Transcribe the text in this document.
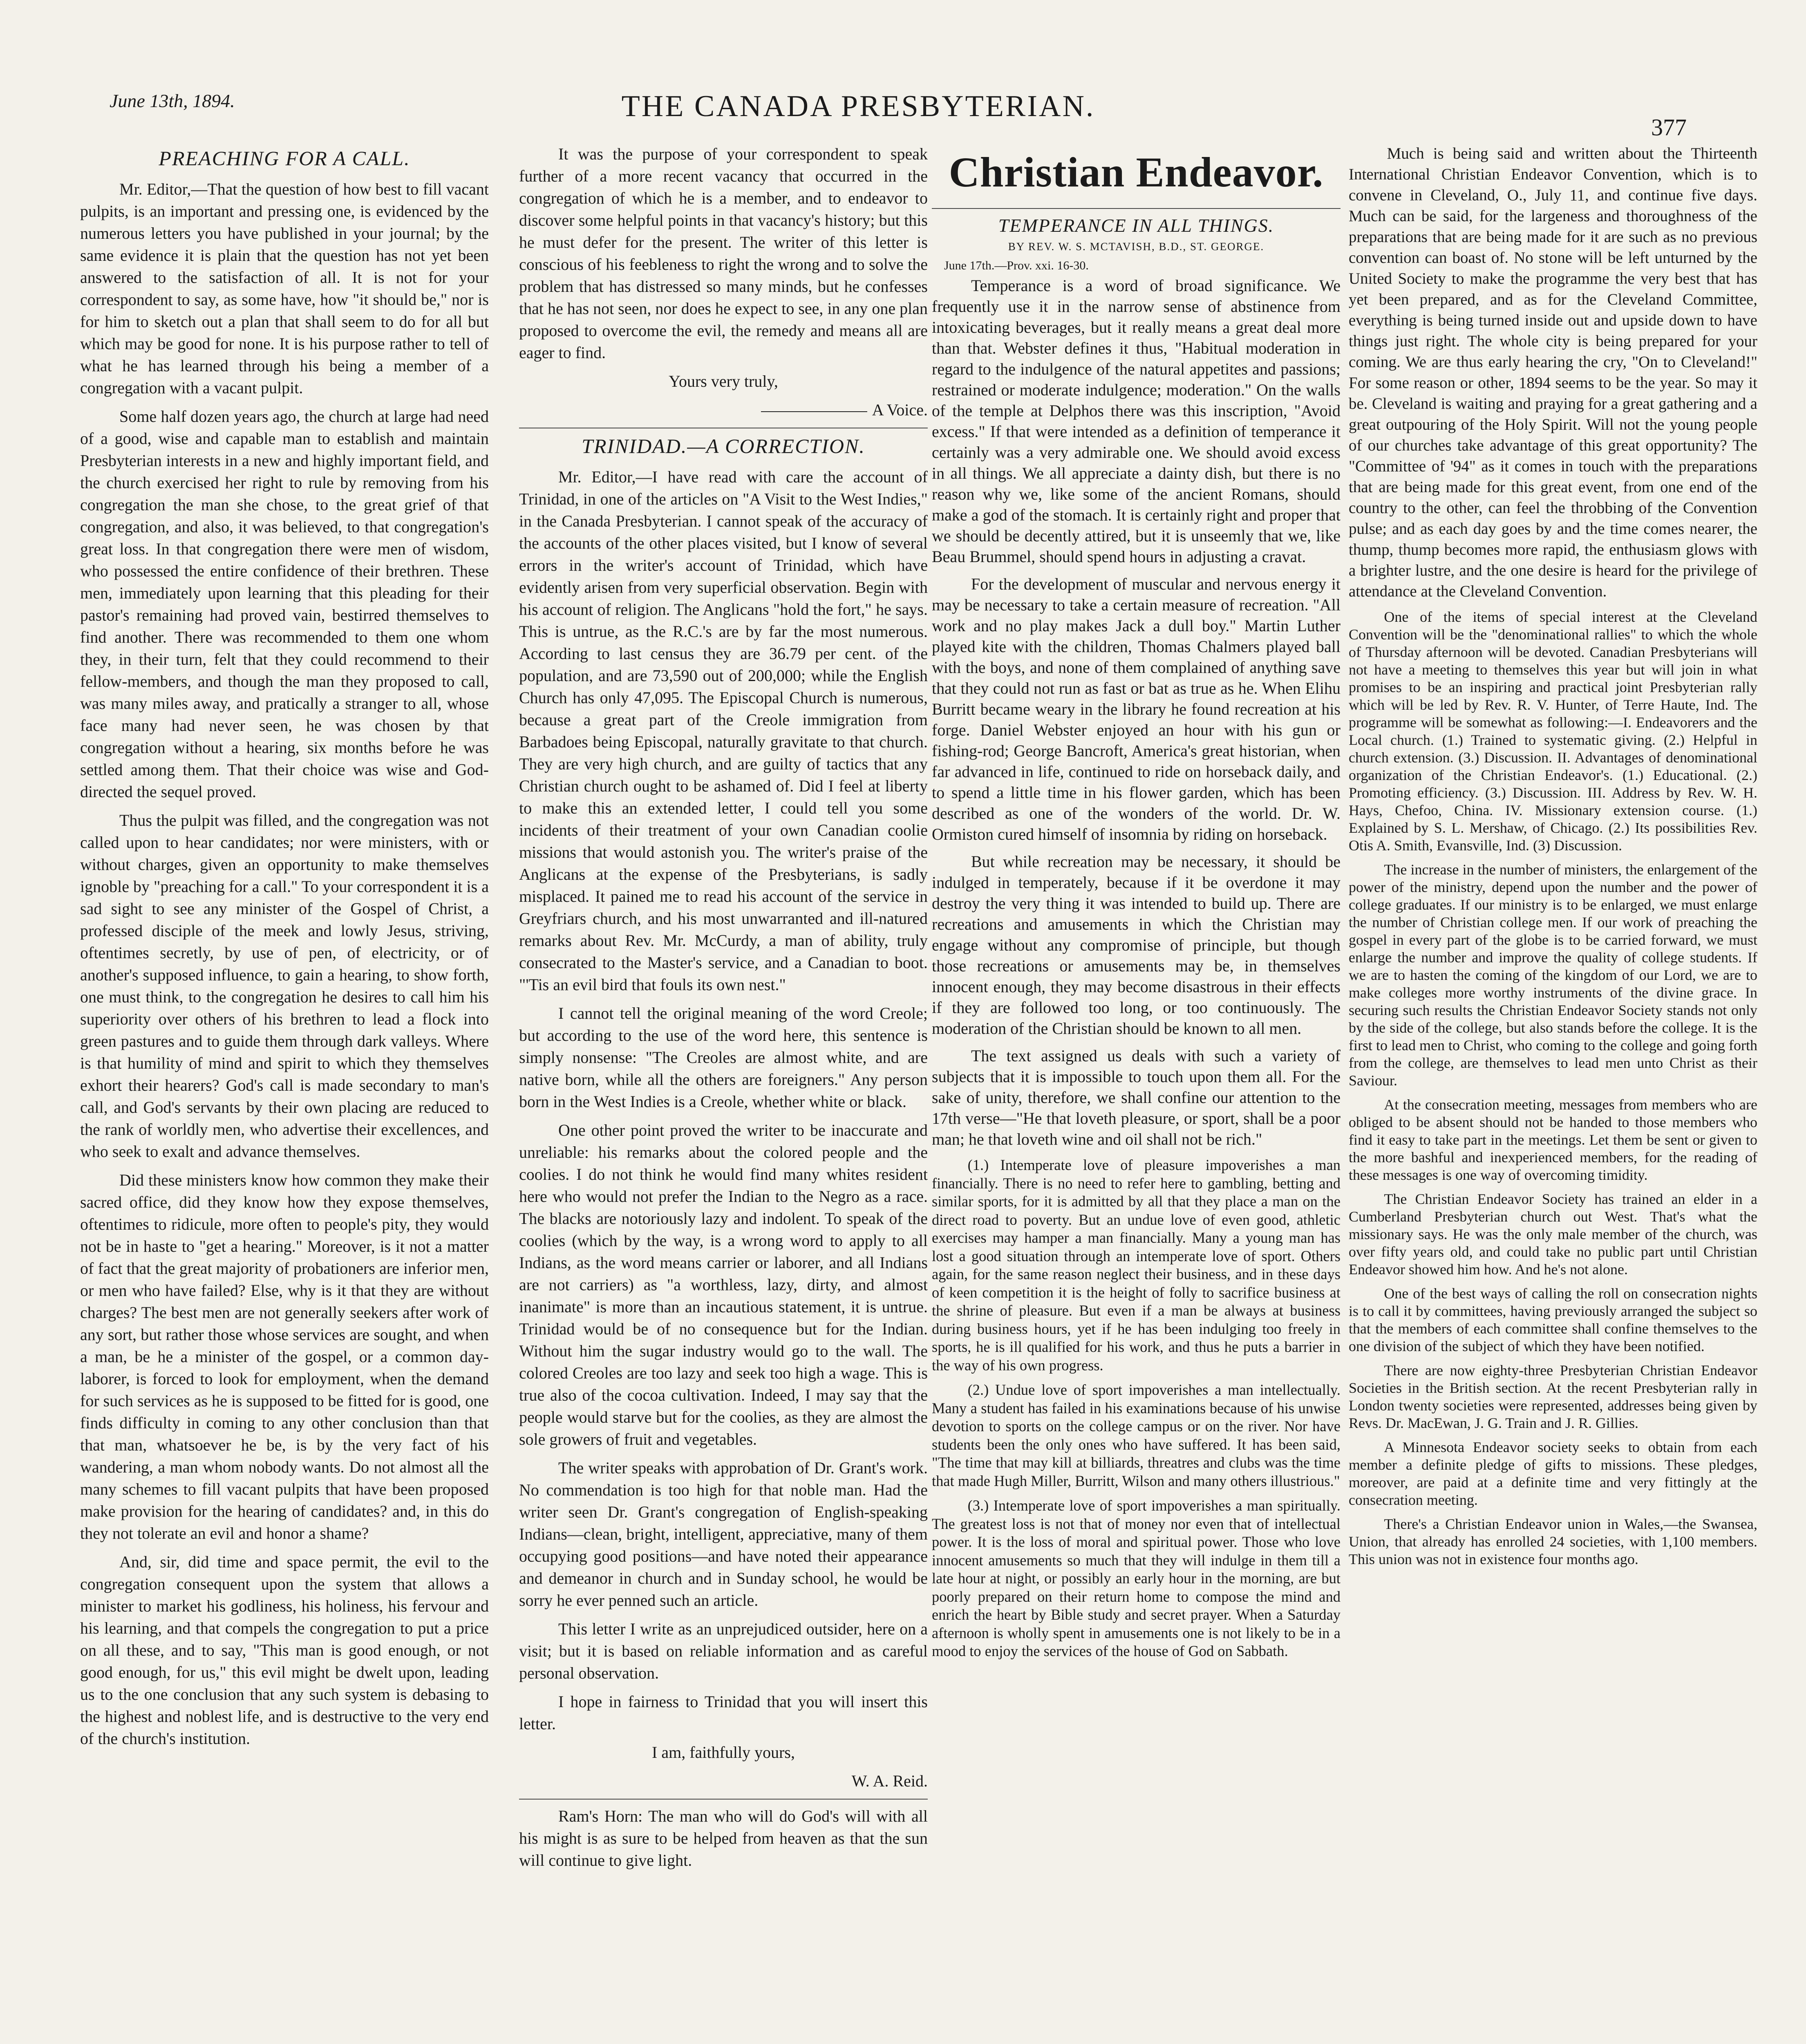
June 13th, 1894.	THE CANADA PRESBYTERIAN.
377
PREACHING FOR A CALL.

Mr. Editor,—That the question of how best to fill vacant pulpits, is an important and pressing one, is evidenced by the numerous letters you have published in your journal; by the same evidence it is plain that the question has not yet been answered to the satisfaction of all. It is not for your correspondent to say, as some have, how "it should be," nor is for him to sketch out a plan that shall seem to do for all but which may be good for none. It is his purpose rather to tell of what he has learned through his being a member of a congregation with a vacant pulpit.

Some half dozen years ago, the church at large had need of a good, wise and capable man to establish and maintain Presbyterian interests in a new and highly important field, and the church exercised her right to rule by removing from his congregation the man she chose, to the great grief of that congregation, and also, it was believed, to that congregation's great loss. In that congregation there were men of wisdom, who possessed the entire confidence of their brethren. These men, immediately upon learning that this pleading for their pastor's remaining had proved vain, bestirred themselves to find another. There was recommended to them one whom they, in their turn, felt that they could recommend to their fellow-members, and though the man they proposed to call, was many miles away, and pratically a stranger to all, whose face many had never seen, he was chosen by that congregation without a hearing, six months before he was settled among them. That their choice was wise and God-directed the sequel proved.

Thus the pulpit was filled, and the congregation was not called upon to hear candidates; nor were ministers, with or without charges, given an opportunity to make themselves ignoble by "preaching for a call." To your correspondent it is a sad sight to see any minister of the Gospel of Christ, a professed disciple of the meek and lowly Jesus, striving, oftentimes secretly, by use of pen, of electricity, or of another's supposed influence, to gain a hearing, to show forth, one must think, to the congregation he desires to call him his superiority over others of his brethren to lead a flock into green pastures and to guide them through dark valleys. Where is that humility of mind and spirit to which they themselves exhort their hearers? God's call is made secondary to man's call, and God's servants by their own placing are reduced to the rank of worldly men, who advertise their excellences, and who seek to exalt and advance themselves.

Did these ministers know how common they make their sacred office, did they know how they expose themselves, oftentimes to ridicule, more often to people's pity, they would not be in haste to "get a hearing." Moreover, is it not a matter of fact that the great majority of probationers are inferior men, or men who have failed? Else, why is it that they are without charges? The best men are not generally seekers after work of any sort, but rather those whose services are sought, and when a man, be he a minister of the gospel, or a common day-laborer, is forced to look for employment, when the demand for such services as he is supposed to be fitted for is good, one finds difficulty in coming to any other conclusion than that that man, whatsoever he be, is by the very fact of his wandering, a man whom nobody wants. Do not almost all the many schemes to fill vacant pulpits that have been proposed make provision for the hearing of candidates? and, in this do they not tolerate an evil and honor a shame?

And, sir, did time and space permit, the evil to the congregation consequent upon the system that allows a minister to market his godliness, his holiness, his fervour and his learning, and that compels the congregation to put a price on all these, and to say, "This man is good enough, or not good enough, for us," this evil might be dwelt upon, leading us to the one conclusion that any such system is debasing to the highest and noblest life, and is destructive to the very end of the church's institution.

It was the purpose of your correspondent to speak further of a more recent vacancy that occurred in the congregation of which he is a member, and to endeavor to discover some helpful points in that vacancy's history; but this he must defer for the present. The writer of this letter is conscious of his feebleness to right the wrong and to solve the problem that has distressed so many minds, but he confesses that he has not seen, nor does he expect to see, in any one plan proposed to overcome the evil, the remedy and means all are eager to find.

Yours very truly,

A Voice.

TRINIDAD.—A CORRECTION.

Mr. Editor,—I have read with care the account of Trinidad, in one of the articles on "A Visit to the West Indies," in the Canada Presbyterian. I cannot speak of the accuracy of the accounts of the other places visited, but I know of several errors in the writer's account of Trinidad, which have evidently arisen from very superficial observation. Begin with his account of religion. The Anglicans "hold the fort," he says. This is untrue, as the R.C.'s are by far the most numerous. According to last census they are 36.79 per cent. of the population, and are 73,590 out of 200,000; while the English Church has only 47,095. The Episcopal Church is numerous, because a great part of the Creole immigration from Barbadoes being Episcopal, naturally gravitate to that church. They are very high church, and are guilty of tactics that any Christian church ought to be ashamed of. Did I feel at liberty to make this an extended letter, I could tell you some incidents of their treatment of your own Canadian coolie missions that would astonish you. The writer's praise of the Anglicans at the expense of the Presbyterians, is sadly misplaced. It pained me to read his account of the service in Greyfriars church, and his most unwarranted and ill-natured remarks about Rev. Mr. McCurdy, a man of ability, truly consecrated to the Master's service, and a Canadian to boot. "'Tis an evil bird that fouls its own nest."

I cannot tell the original meaning of the word Creole; but according to the use of the word here, this sentence is simply nonsense: "The Creoles are almost white, and are native born, while all the others are foreigners." Any person born in the West Indies is a Creole, whether white or black.

One other point proved the writer to be inaccurate and unreliable: his remarks about the colored people and the coolies. I do not think he would find many whites resident here who would not prefer the Indian to the Negro as a race. The blacks are notoriously lazy and indolent. To speak of the coolies (which by the way, is a wrong word to apply to all Indians, as the word means carrier or laborer, and all Indians are not carriers) as "a worthless, lazy, dirty, and almost inanimate" is more than an incautious statement, it is untrue. Trinidad would be of no consequence but for the Indian. Without him the sugar industry would go to the wall. The colored Creoles are too lazy and seek too high a wage. This is true also of the cocoa cultivation. Indeed, I may say that the people would starve but for the coolies, as they are almost the sole growers of fruit and vegetables.

The writer speaks with approbation of Dr. Grant's work. No commendation is too high for that noble man. Had the writer seen Dr. Grant's congregation of English-speaking Indians—clean, bright, intelligent, appreciative, many of them occupying good positions—and have noted their appearance and demeanor in church and in Sunday school, he would be sorry he ever penned such an article.

This letter I write as an unprejudiced outsider, here on a visit; but it is based on reliable information and as careful personal observation.

I hope in fairness to Trinidad that you will insert this letter.

I am, faithfully yours,

W. A. Reid.

Ram's Horn: The man who will do God's will with all his might is as sure to be helped from heaven as that the sun will continue to give light.

Christian Endeavor.
TEMPERANCE IN ALL THINGS.
BY REV. W. S. MCTAVISH, B.D., ST. GEORGE.
June 17th.—Prov. xxi. 16-30.

Temperance is a word of broad significance. We frequently use it in the narrow sense of abstinence from intoxicating beverages, but it really means a great deal more than that. Webster defines it thus, "Habitual moderation in regard to the indulgence of the natural appetites and passions; restrained or moderate indulgence; moderation." On the walls of the temple at Delphos there was this inscription, "Avoid excess." If that were intended as a definition of temperance it certainly was a very admirable one. We should avoid excess in all things. We all appreciate a dainty dish, but there is no reason why we, like some of the ancient Romans, should make a god of the stomach. It is certainly right and proper that we should be decently attired, but it is unseemly that we, like Beau Brummel, should spend hours in adjusting a cravat.

For the development of muscular and nervous energy it may be necessary to take a certain measure of recreation. "All work and no play makes Jack a dull boy." Martin Luther played kite with the children, Thomas Chalmers played ball with the boys, and none of them complained of anything save that they could not run as fast or bat as true as he. When Elihu Burritt became weary in the library he found recreation at his forge. Daniel Webster enjoyed an hour with his gun or fishing-rod; George Bancroft, America's great historian, when far advanced in life, continued to ride on horseback daily, and to spend a little time in his flower garden, which has been described as one of the wonders of the world. Dr. W. Ormiston cured himself of insomnia by riding on horseback.

But while recreation may be necessary, it should be indulged in temperately, because if it be overdone it may destroy the very thing it was intended to build up. There are recreations and amusements in which the Christian may engage without any compromise of principle, but though those recreations or amusements may be, in themselves innocent enough, they may become disastrous in their effects if they are followed too long, or too continuously. The moderation of the Christian should be known to all men.

The text assigned us deals with such a variety of subjects that it is impossible to touch upon them all. For the sake of unity, therefore, we shall confine our attention to the 17th verse—"He that loveth pleasure, or sport, shall be a poor man; he that loveth wine and oil shall not be rich."

(1.) Intemperate love of pleasure impoverishes a man financially. There is no need to refer here to gambling, betting and similar sports, for it is admitted by all that they place a man on the direct road to poverty. But an undue love of even good, athletic exercises may hamper a man financially. Many a young man has lost a good situation through an intemperate love of sport. Others again, for the same reason neglect their business, and in these days of keen competition it is the height of folly to sacrifice business at the shrine of pleasure. But even if a man be always at business during business hours, yet if he has been indulging too freely in sports, he is ill qualified for his work, and thus he puts a barrier in the way of his own progress.

(2.) Undue love of sport impoverishes a man intellectually. Many a student has failed in his examinations because of his unwise devotion to sports on the college campus or on the river. Nor have students been the only ones who have suffered. It has been said, "The time that may kill at billiards, threatres and clubs was the time that made Hugh Miller, Burritt, Wilson and many others illustrious."

(3.) Intemperate love of sport impoverishes a man spiritually. The greatest loss is not that of money nor even that of intellectual power. It is the loss of moral and spiritual power. Those who love innocent amusements so much that they will indulge in them till a late hour at night, or possibly an early hour in the morning, are but poorly prepared on their return home to compose the mind and enrich the heart by Bible study and secret prayer. When a Saturday afternoon is wholly spent in amusements one is not likely to be in a mood to enjoy the services of the house of God on Sabbath.

Much is being said and written about the Thirteenth International Christian Endeavor Convention, which is to convene in Cleveland, O., July 11, and continue five days. Much can be said, for the largeness and thoroughness of the preparations that are being made for it are such as no previous convention can boast of. No stone will be left unturned by the United Society to make the programme the very best that has yet been prepared, and as for the Cleveland Committee, everything is being turned inside out and upside down to have things just right. The whole city is being prepared for your coming. We are thus early hearing the cry, "On to Cleveland!" For some reason or other, 1894 seems to be the year. So may it be. Cleveland is waiting and praying for a great gathering and a great outpouring of the Holy Spirit. Will not the young people of our churches take advantage of this great opportunity? The "Committee of '94" as it comes in touch with the preparations that are being made for this great event, from one end of the country to the other, can feel the throbbing of the Convention pulse; and as each day goes by and the time comes nearer, the thump, thump becomes more rapid, the enthusiasm glows with a brighter lustre, and the one desire is heard for the privilege of attendance at the Cleveland Convention.

One of the items of special interest at the Cleveland Convention will be the "denominational rallies" to which the whole of Thursday afternoon will be devoted. Canadian Presbyterians will not have a meeting to themselves this year but will join in what promises to be an inspiring and practical joint Presbyterian rally which will be led by Rev. R. V. Hunter, of Terre Haute, Ind. The programme will be somewhat as following:—I. Endeavorers and the Local church. (1.) Trained to systematic giving. (2.) Helpful in church extension. (3.) Discussion. II. Advantages of denominational organization of the Christian Endeavor's. (1.) Educational. (2.) Promoting efficiency. (3.) Discussion. III. Address by Rev. W. H. Hays, Chefoo, China. IV. Missionary extension course. (1.) Explained by S. L. Mershaw, of Chicago. (2.) Its possibilities Rev. Otis A. Smith, Evansville, Ind. (3) Discussion.

The increase in the number of ministers, the enlargement of the power of the ministry, depend upon the number and the power of college graduates. If our ministry is to be enlarged, we must enlarge the number of Christian college men. If our work of preaching the gospel in every part of the globe is to be carried forward, we must enlarge the number and improve the quality of college students. If we are to hasten the coming of the kingdom of our Lord, we are to make colleges more worthy instruments of the divine grace. In securing such results the Christian Endeavor Society stands not only by the side of the college, but also stands before the college. It is the first to lead men to Christ, who coming to the college and going forth from the college, are themselves to lead men unto Christ as their Saviour.

At the consecration meeting, messages from members who are obliged to be absent should not be handed to those members who find it easy to take part in the meetings. Let them be sent or given to the more bashful and inexperienced members, for the reading of these messages is one way of overcoming timidity.

The Christian Endeavor Society has trained an elder in a Cumberland Presbyterian church out West. That's what the missionary says. He was the only male member of the church, was over fifty years old, and could take no public part until Christian Endeavor showed him how. And he's not alone.

One of the best ways of calling the roll on consecration nights is to call it by committees, having previously arranged the subject so that the members of each committee shall confine themselves to the one division of the subject of which they have been notified.

There are now eighty-three Presbyterian Christian Endeavor Societies in the British section. At the recent Presbyterian rally in London twenty societies were represented, addresses being given by Revs. Dr. MacEwan, J. G. Train and J. R. Gillies.

A Minnesota Endeavor society seeks to obtain from each member a definite pledge of gifts to missions. These pledges, moreover, are paid at a definite time and very fittingly at the consecration meeting.

There's a Christian Endeavor union in Wales,—the Swansea, Union, that already has enrolled 24 societies, with 1,100 members. This union was not in existence four months ago.
